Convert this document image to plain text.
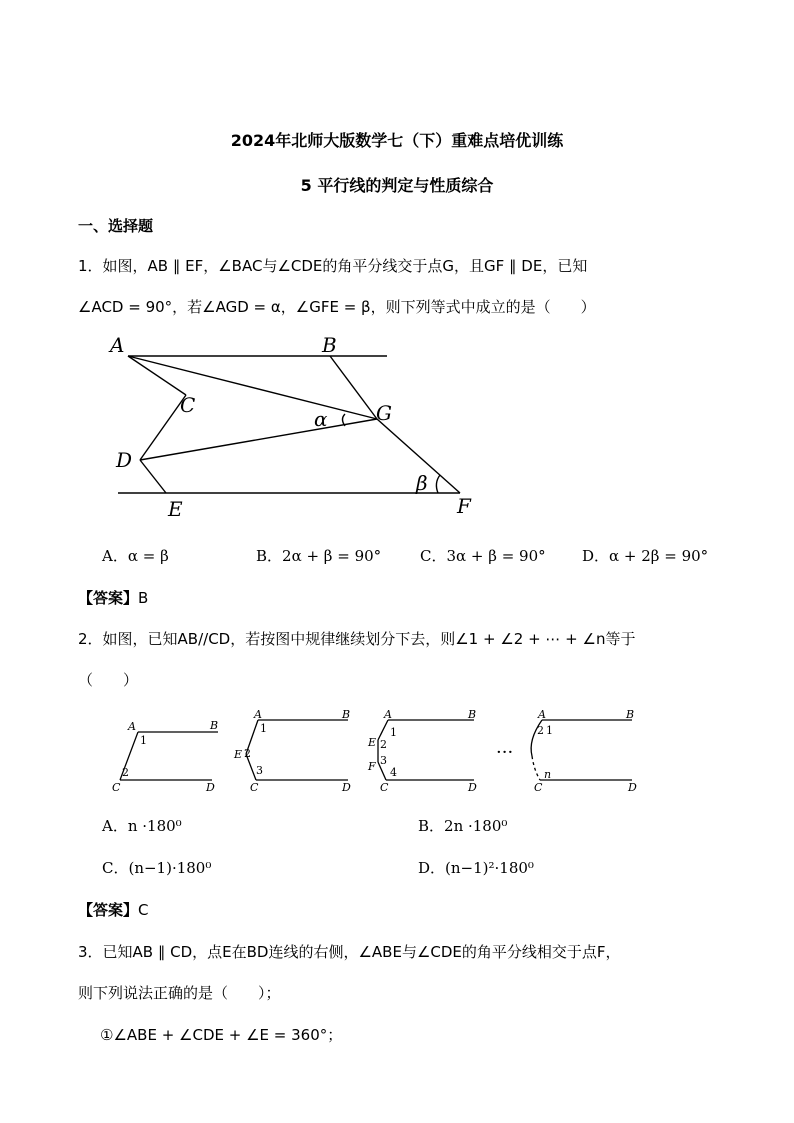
2024年北师大版数学七（下）重难点培优训练
5 平行线的判定与性质综合
一、选择题
1．如图，AB ∥ EF，∠BAC与∠CDE的角平分线交于点G，且GF ∥ DE，已知
∠ACD = 90°，若∠AGD = α，∠GFE = β，则下列等式中成立的是（　　）
A	B
C
D
E	F
G
α
β
A．α = β	B．2α + β = 90°	C．3α + β = 90° D．α + 2β = 90°
【答案】B
2．如图，已知AB//CD，若按图中规律继续划分下去，则∠1 + ∠2 + ⋯ + ∠n等于
（　　）
A	B
C	D
1
2
A	B
E
C	D
1
2
3
A	B
E
F
C	D
1
2
3
4
A	B
C	D
2 1
n
···
A．n ·180⁰	B．2n ·180⁰
C．(n−1)·180⁰	D．(n−1)²·180⁰
【答案】C
3．已知AB ∥ CD，点E在BD连线的右侧，∠ABE与∠CDE的角平分线相交于点F，
则下列说法正确的是（　　）；
①∠ABE + ∠CDE + ∠E = 360°；
